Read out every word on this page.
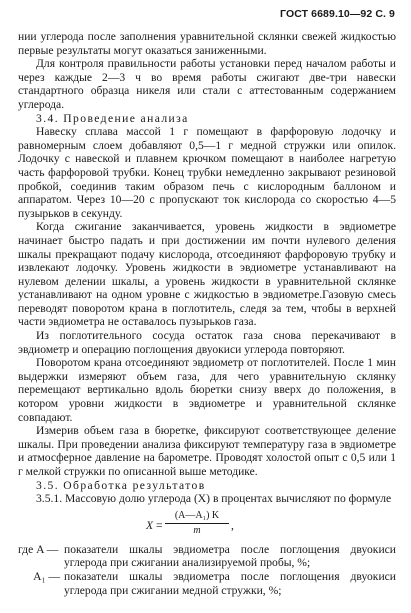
ГОСТ 6689.10—92 С. 9

нии углерода после заполнения уравнительной склянки свежей жидкостью первые результаты могут оказаться заниженными.

Для контроля правильности работы установки перед началом работы и через каждые 2—3 ч во время работы сжигают две-три навески стандартного образца никеля или стали с аттестованным содержанием углерода.

3.4. Проведение анализа

Навеску сплава массой 1 г помещают в фарфоровую лодочку и равномерным слоем добавляют 0,5—1 г медной стружки или опилок. Лодочку с навеской и плавнем крючком помещают в наиболее нагретую часть фарфоровой трубки. Конец трубки немедленно закрывают резиновой пробкой, соединив таким образом печь с кислородным баллоном и аппаратом. Через 10—20 с пропускают ток кислорода со скоростью 4—5 пузырьков в секунду.

Когда сжигание заканчивается, уровень жидкости в эвдиометре начинает быстро падать и при достижении им почти нулевого деления шкалы прекращают подачу кислорода, отсоединяют фарфоровую трубку и извлекают лодочку. Уровень жидкости в эвдиометре устанавливают на нулевом делении шкалы, а уровень жидкости в уравнительной склянке устанавливают на одном уровне с жидкостью в эвдиометре.Газовую смесь переводят поворотом крана в поглотитель, следя за тем, чтобы в верхней части эвдиометра не оставалось пузырьков газа.

Из поглотительного сосуда остаток газа снова перекачивают в эвдиометр и операцию поглощения двуокиси углерода повторяют.

Поворотом крана отсоединяют эвдиометр от поглотителей. После 1 мин выдержки измеряют объем газа, для чего уравнительную склянку перемещают вертикально вдоль бюретки снизу вверх до положения, в котором уровни жидкости в эвдиометре и уравнительной склянке совпадают.

Измерив объем газа в бюретке, фиксируют соответствующее деление шкалы. При проведении анализа фиксируют температуру газа в эвдиометре и атмосферное давление на барометре. Проводят холостой опыт с 0,5 или 1 г мелкой стружки по описанной выше методике.

3.5. Обработка результатов

3.5.1. Массовую долю углерода (X) в процентах вычисляют по формуле

X =
(A—A₁) K
m	,
где A — показатели шкалы эвдиометра после поглощения двуокиси углерода при сжигании анализируемой пробы, %;
A₁ — показатели шкалы эвдиометра после поглощения двуокиси углерода при сжигании медной стружки, %;
